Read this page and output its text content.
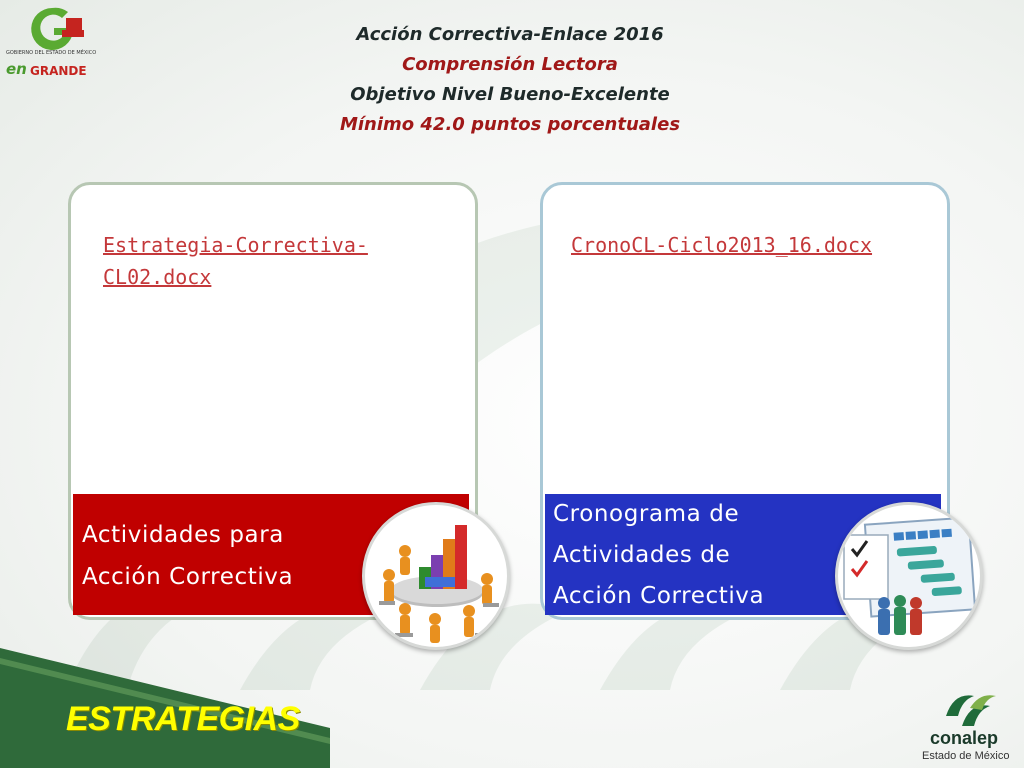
GOBIERNO DEL ESTADO DE MÉXICO
en GRANDE
Acción Correctiva-Enlace 2016
Comprensión Lectora
Objetivo Nivel Bueno-Excelente
Mínimo 42.0 puntos porcentuales
Estrategia-Correctiva-CL02.docx
Actividades para
Acción Correctiva
CronoCL-Ciclo2013_16.docx
Cronograma de
Actividades de
Acción Correctiva
ESTRATEGIAS	conalep
Estado de México
